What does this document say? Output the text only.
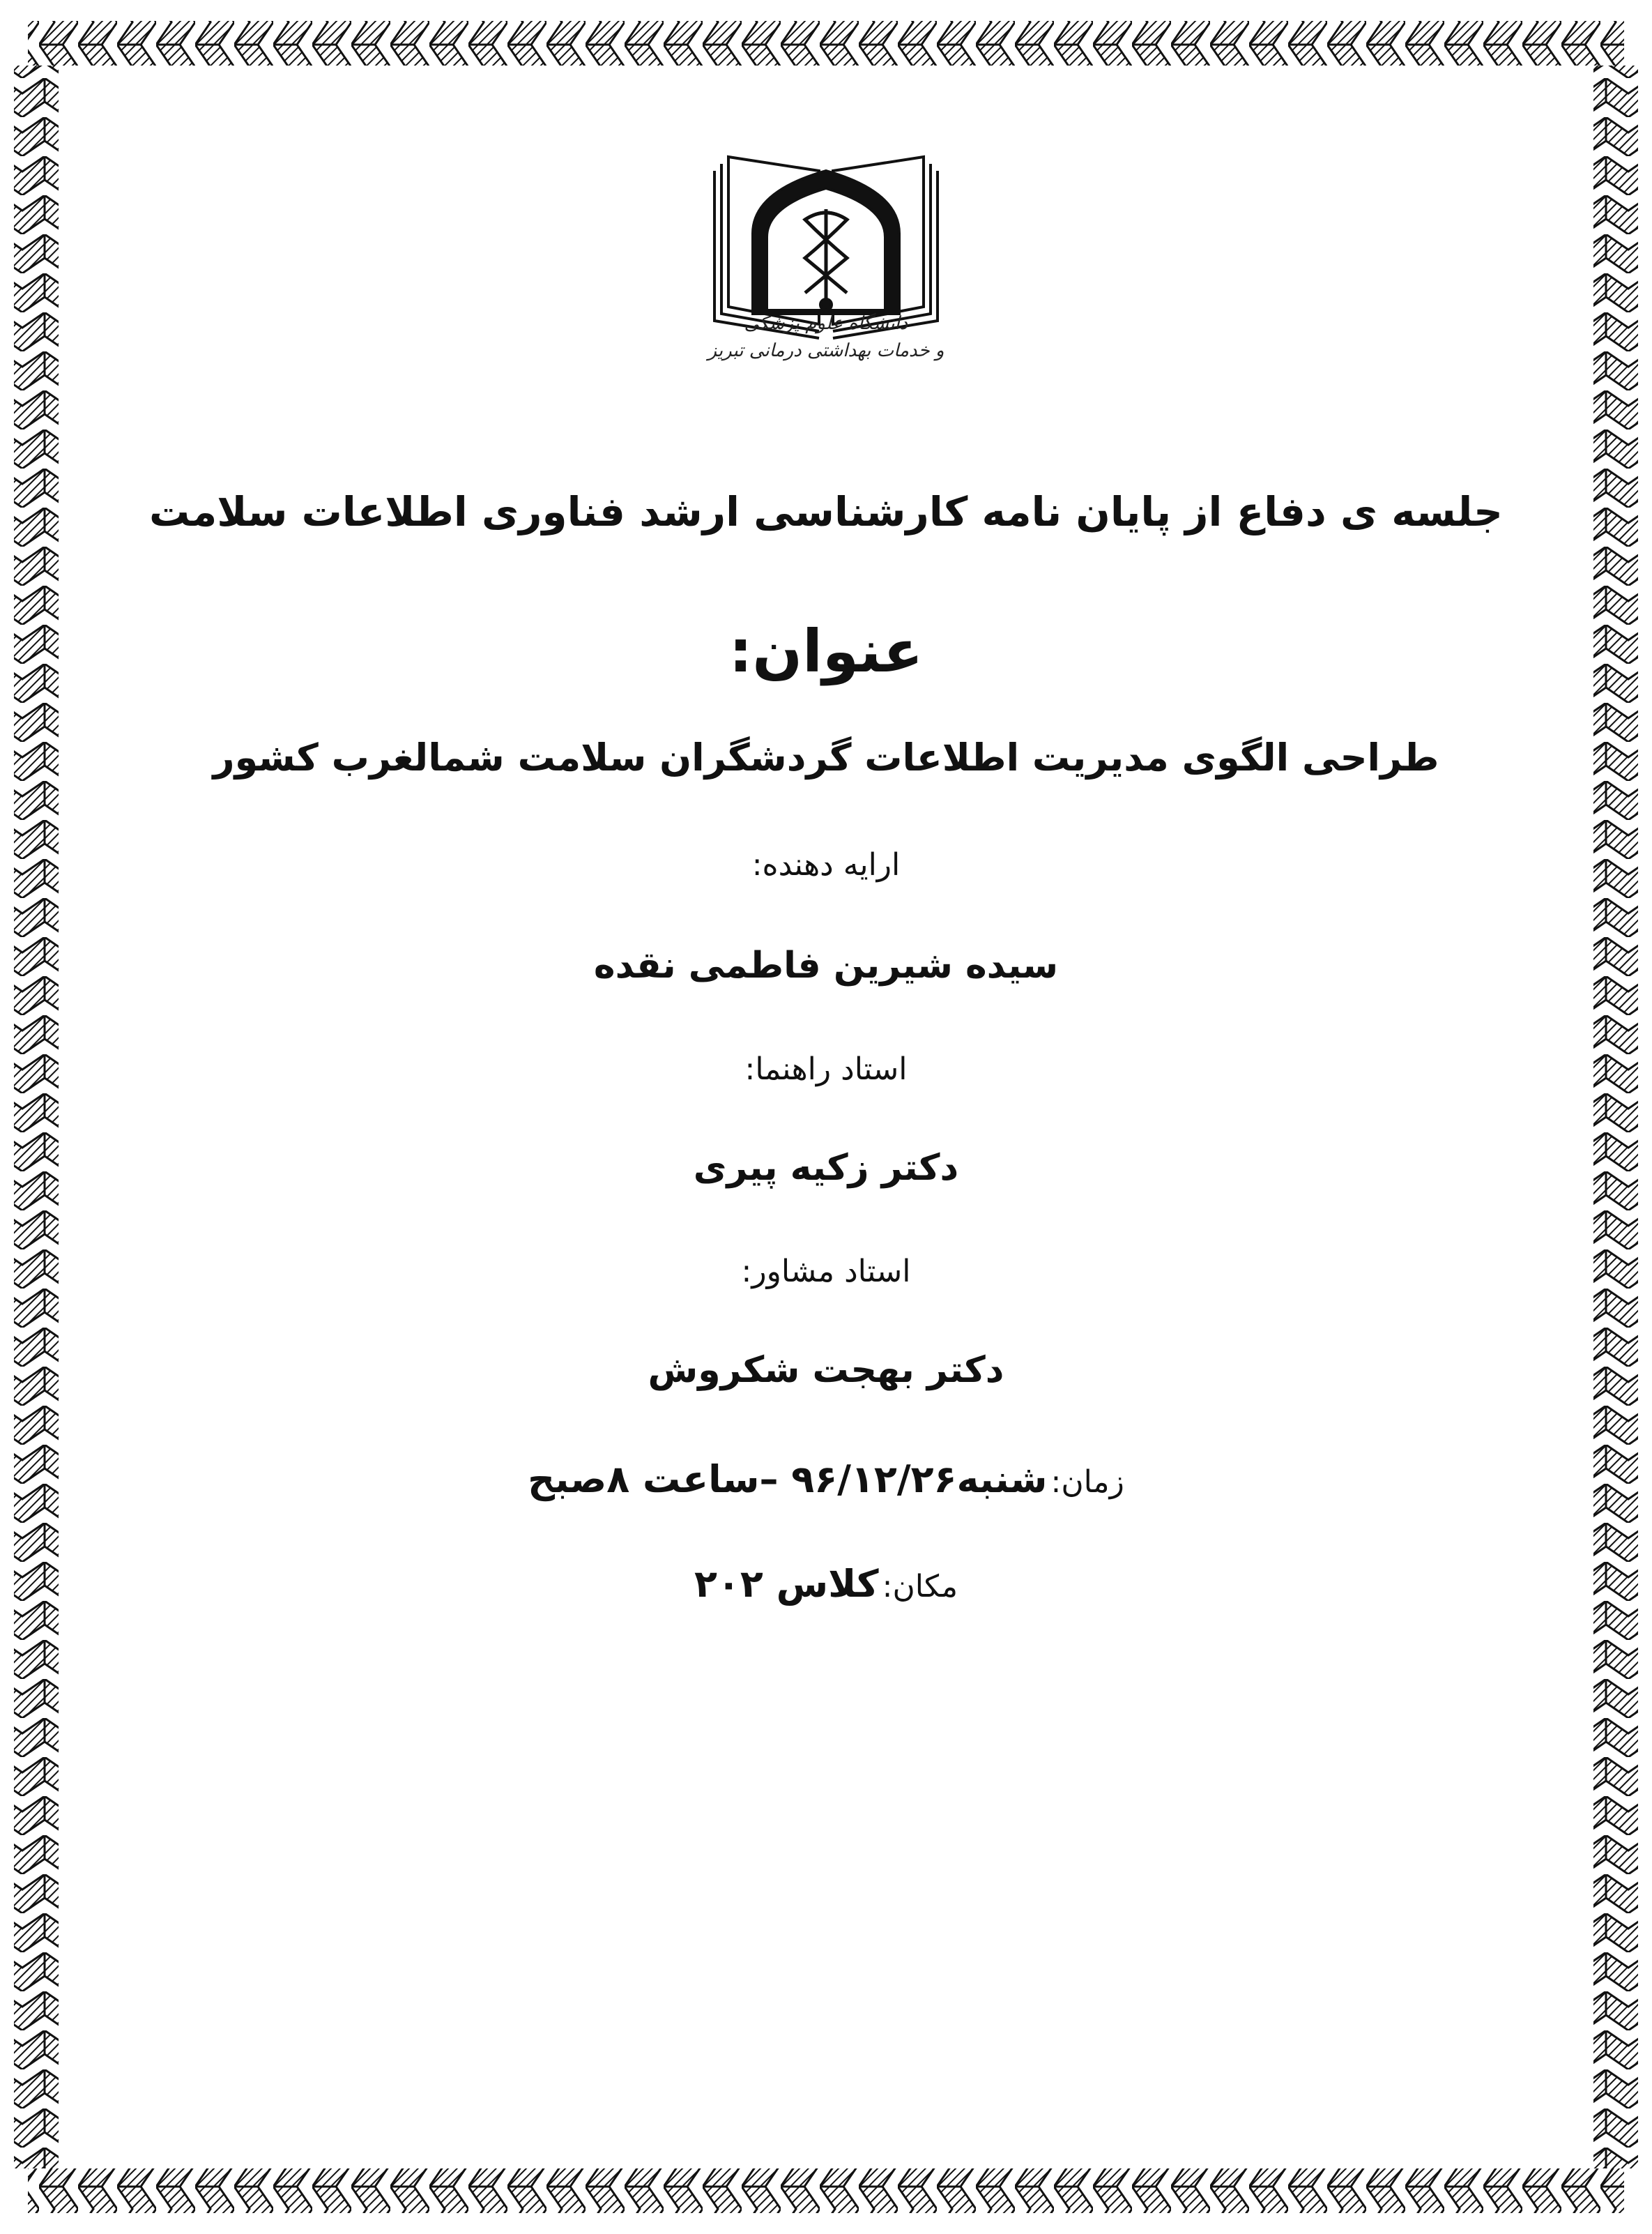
دانشگاه علوم پزشکی
و خدمات بهداشتی درمانی تبریز
جلسه ی دفاع از پایان نامه کارشناسی ارشد فناوری اطلاعات سلامت
عنوان:
طراحی الگوی مدیریت اطلاعات گردشگران سلامت شمالغرب کشور
ارایه دهنده:
سیده شیرین فاطمی نقده
استاد راهنما:
دکتر زکیه پیری
استاد مشاور:
دکتر بهجت شکروش
زمان: شنبه۹۶/۱۲/۲۶ –ساعت ۸صبح
مکان: کلاس ۲۰۲
